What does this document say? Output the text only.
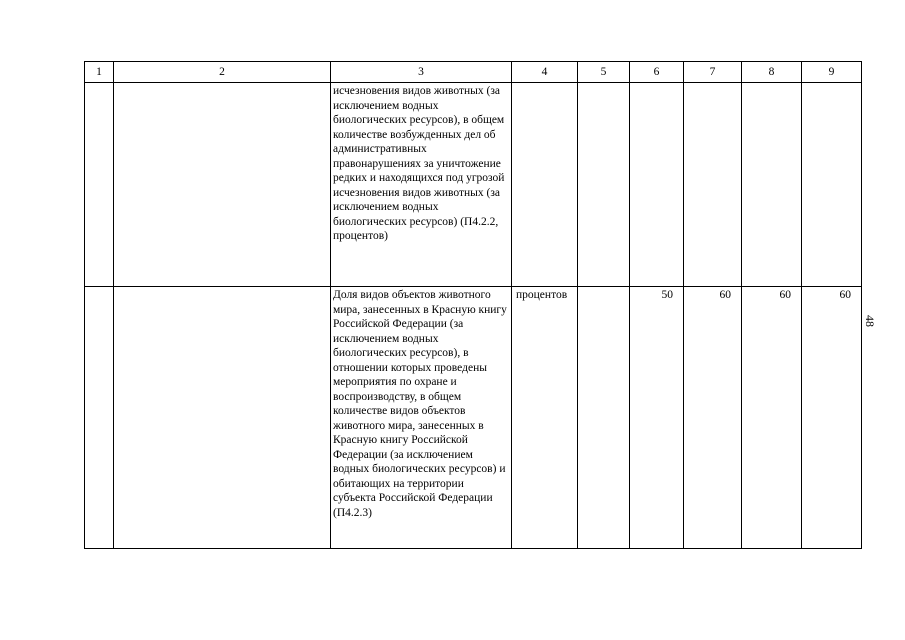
1	2	3	4	5	6	7	8	9
		исчезновения видов животных (за исключением водных биологических ресурсов), в общем количестве возбужденных дел об административных правонарушениях за уничтожение редких и находящихся под угрозой исчезновения видов животных (за исключением водных биологических ресурсов) (П4.2.2, процентов)						
		Доля видов объектов животного мира, занесенных в Красную книгу Российской Федерации (за исключением водных биологических ресурсов), в отношении которых проведены мероприятия по охране и воспроизводству, в общем количестве видов объектов животного мира, занесенных в Красную книгу Российской Федерации (за исключением водных биологических ресурсов) и обитающих на территории субъекта Российской Федерации (П4.2.3)	процентов		50	60	60	60
48
